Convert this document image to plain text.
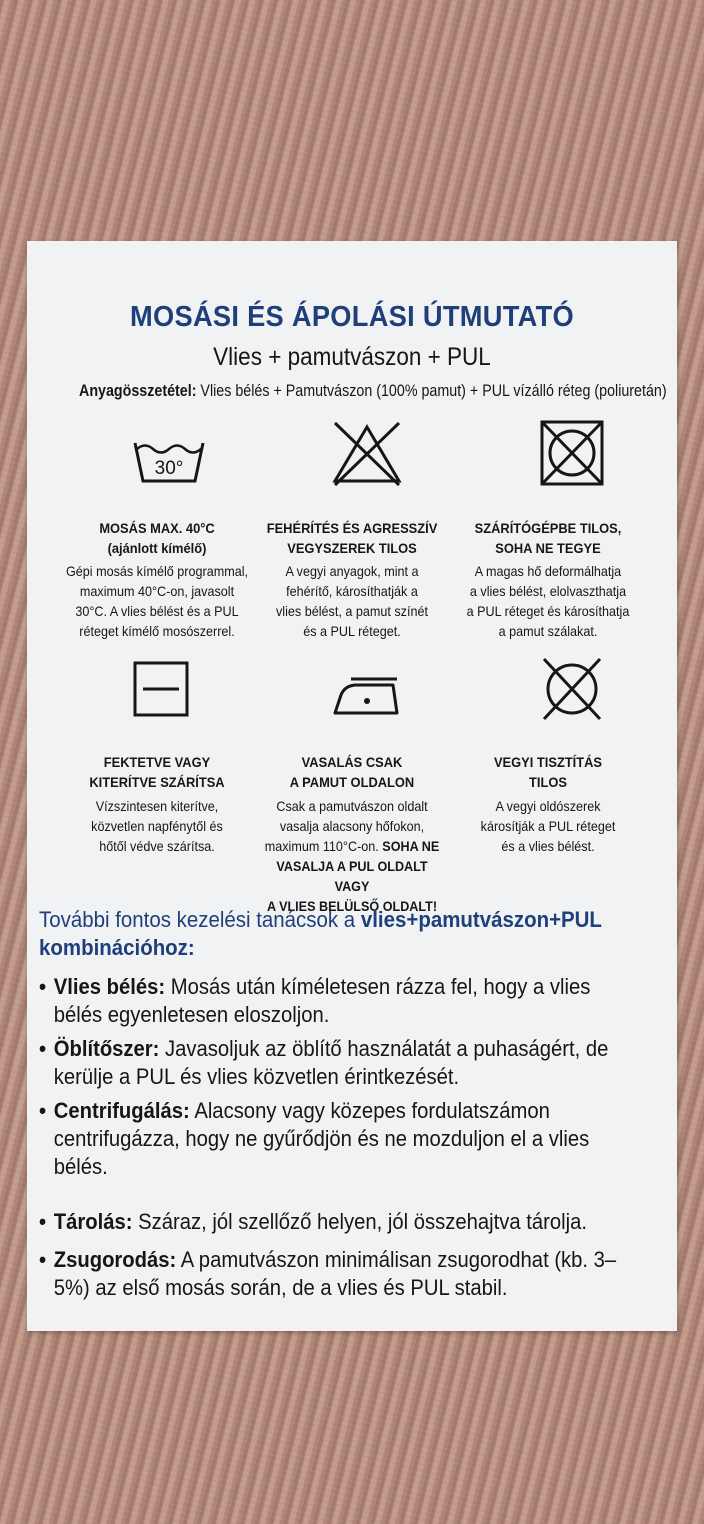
MOSÁSI ÉS ÁPOLÁSI ÚTMUTATÓ
Vlies + pamutvászon + PUL
Anyagösszetétel: Vlies bélés + Pamutvászon (100% pamut) + PUL vízálló réteg (poliuretán)
30°
MOSÁS MAX. 40°C
(ajánlott kímélő)
Gépi mosás kímélő programmal,
maximum 40°C-on, javasolt
30°C. A vlies bélést és a PUL
réteget kímélő mosószerrel.
FEHÉRÍTÉS ÉS AGRESSZÍV
VEGYSZEREK TILOS
A vegyi anyagok, mint a
fehérítő, károsíthatják a
vlies bélést, a pamut színét
és a PUL réteget.
SZÁRÍTÓGÉPBE TILOS,
SOHA NE TEGYE
A magas hő deformálhatja
a vlies bélést, elolvaszthatja
a PUL réteget és károsíthatja
a pamut szálakat.
FEKTETVE VAGY
KITERÍTVE SZÁRÍTSA
Vízszintesen kiterítve,
közvetlen napfénytől és
hőtől védve szárítsa.
VASALÁS CSAK
A PAMUT OLDALON
Csak a pamutvászon oldalt
vasalja alacsony hőfokon,
maximum 110°C-on. SOHA NE
VASALJA A PUL OLDALT VAGY
A VLIES BELÜLSŐ OLDALT!
VEGYI TISZTÍTÁS
TILOS
A vegyi oldószerek
károsítják a PUL réteget
és a vlies bélést.
További fontos kezelési tanácsok a vlies+pamutvászon+PUL kombinációhoz:
• Vlies bélés: Mosás után kíméletesen rázza fel, hogy a vlies bélés egyenletesen eloszoljon.
• Öblítőszer: Javasoljuk az öblítő használatát a puhaságért, de kerülje a PUL és vlies közvetlen érintkezését.
• Centrifugálás: Alacsony vagy közepes fordulatszámon centrifugázza, hogy ne gyűrődjön és ne mozduljon el a vlies bélés.
• Tárolás: Száraz, jól szellőző helyen, jól összehajtva tárolja.
• Zsugorodás: A pamutvászon minimálisan zsugorodhat (kb. 3–5%) az első mosás során, de a vlies és PUL stabil.
